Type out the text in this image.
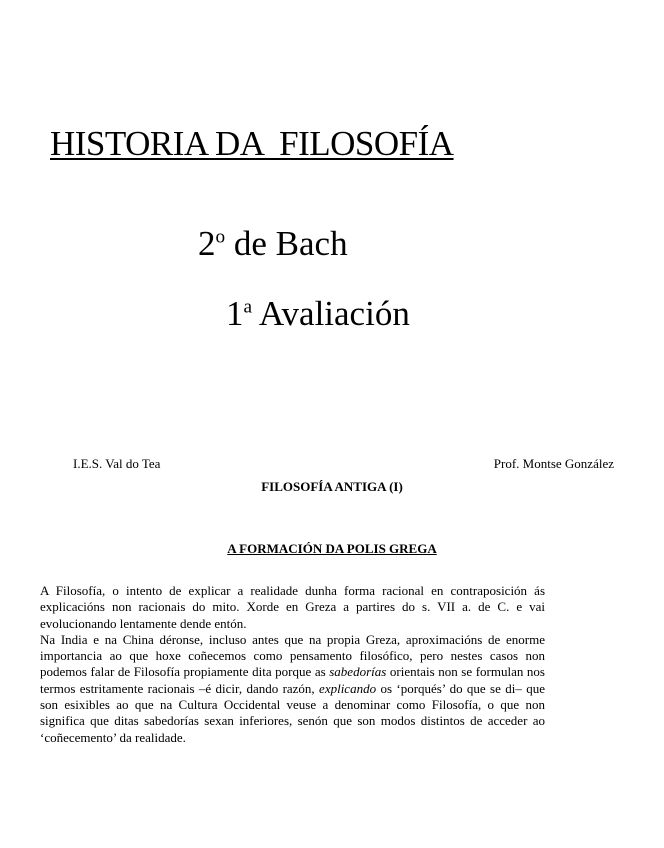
HISTORIA DA  FILOSOFÍA
2$^o$ de Bach
1$^a$ Avaliación
I.E.S. Val do Tea	Prof. Montse González
FILOSOFÍA ANTIGA (I)
A FORMACIÓN DA POLIS GREGA

A Filosofía, o intento de explicar a realidade dunha forma racional en contraposición ás explicacións non racionais do mito. Xorde en Greza a partires do s. VII a. de C. e vai evolucionando lentamente dende entón.

Na India e na China déronse, incluso antes que na propia Greza, aproximacións de enorme importancia ao que hoxe coñecemos como pensamento filosófico, pero nestes casos non podemos falar de Filosofía propiamente dita porque as sabedorías orientais non se formulan nos termos estritamente racionais –é dicir, dando razón, explicando os ‘porqués’ do que se di– que son esixibles ao que na Cultura Occidental veuse a denominar como Filosofía, o que non significa que ditas sabedorías sexan inferiores, senón que son modos distintos de acceder ao ‘coñecemento’ da realidade.
